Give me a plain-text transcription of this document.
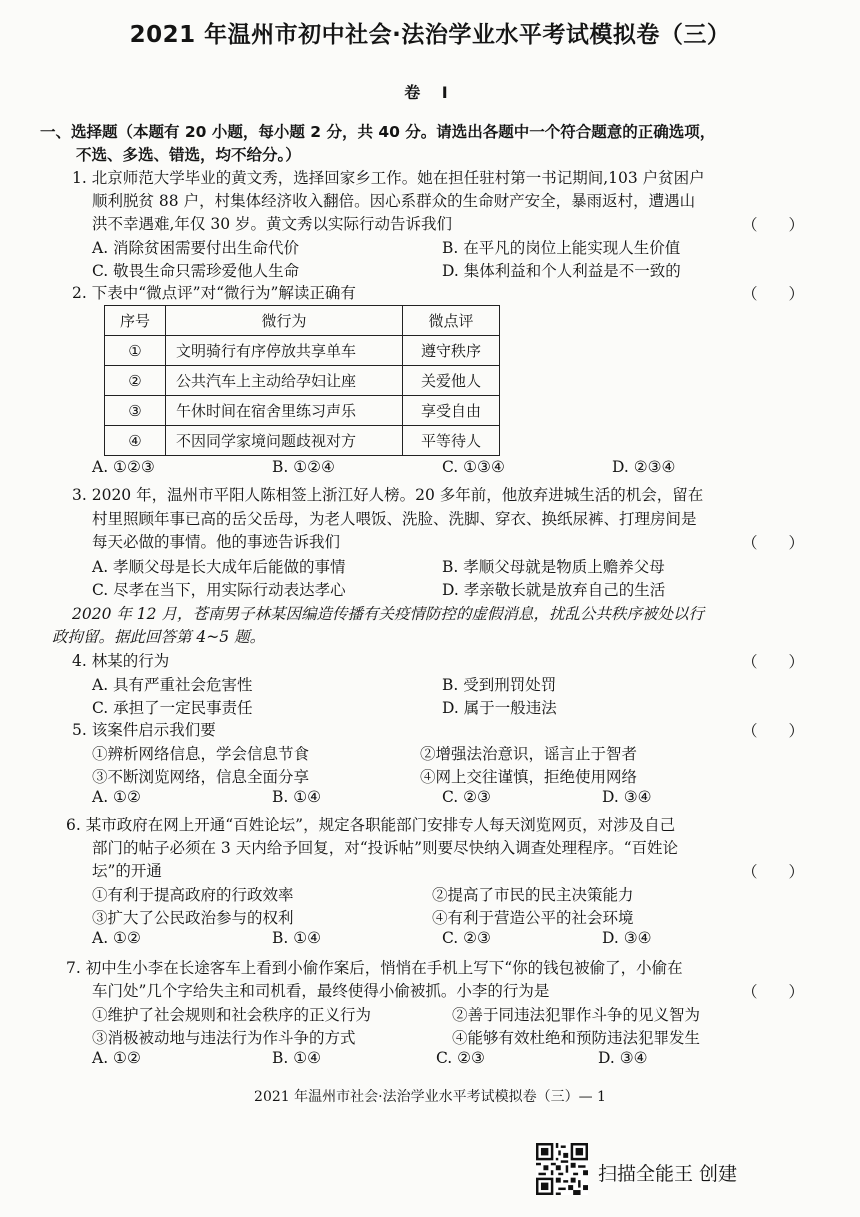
2021 年温州市初中社会·法治学业水平考试模拟卷（三）
卷 Ⅰ
一、选择题（本题有 20 小题，每小题 2 分，共 40 分。请选出各题中一个符合题意的正确选项，
不选、多选、错选，均不给分。）
1. 北京师范大学毕业的黄文秀，选择回家乡工作。她在担任驻村第一书记期间,103 户贫困户
顺利脱贫 88 户，村集体经济收入翻倍。因心系群众的生命财产安全，暴雨返村，遭遇山
洪不幸遇难,年仅 30 岁。黄文秀以实际行动告诉我们	（　　）
A. 消除贫困需要付出生命代价	B. 在平凡的岗位上能实现人生价值
C. 敬畏生命只需珍爱他人生命	D. 集体利益和个人利益是不一致的
2. 下表中“微点评”对“微行为”解读正确有	（　　）
序号	微行为	微点评
①	文明骑行有序停放共享单车	遵守秩序
②	公共汽车上主动给孕妇让座	关爱他人
③	午休时间在宿舍里练习声乐	享受自由
④	不因同学家境问题歧视对方	平等待人
A. ①②③	B. ①②④	C. ①③④	D. ②③④
3. 2020 年，温州市平阳人陈相签上浙江好人榜。20 多年前，他放弃进城生活的机会，留在
村里照顾年事已高的岳父岳母，为老人喂饭、洗脸、洗脚、穿衣、换纸尿裤、打理房间是
每天必做的事情。他的事迹告诉我们	（　　）
A. 孝顺父母是长大成年后能做的事情	B. 孝顺父母就是物质上赡养父母
C. 尽孝在当下，用实际行动表达孝心	D. 孝亲敬长就是放弃自己的生活
2020 年 12 月，苍南男子林某因编造传播有关疫情防控的虚假消息，扰乱公共秩序被处以行
政拘留。据此回答第 4~5 题。
4. 林某的行为	（　　）
A. 具有严重社会危害性	B. 受到刑罚处罚
C. 承担了一定民事责任	D. 属于一般违法
5. 该案件启示我们要	（　　）
①辨析网络信息，学会信息节食	②增强法治意识，谣言止于智者
③不断浏览网络，信息全面分享	④网上交往谨慎，拒绝使用网络
A. ①②	B. ①④	C. ②③	D. ③④
6. 某市政府在网上开通“百姓论坛”，规定各职能部门安排专人每天浏览网页，对涉及自己
部门的帖子必须在 3 天内给予回复，对“投诉帖”则要尽快纳入调查处理程序。“百姓论
坛”的开通	（　　）
①有利于提高政府的行政效率	②提高了市民的民主决策能力
③扩大了公民政治参与的权利	④有利于营造公平的社会环境
A. ①②	B. ①④	C. ②③	D. ③④
7. 初中生小李在长途客车上看到小偷作案后，悄悄在手机上写下“你的钱包被偷了，小偷在
车门处”几个字给失主和司机看，最终使得小偷被抓。小李的行为是	（　　）
①维护了社会规则和社会秩序的正义行为	②善于同违法犯罪作斗争的见义智为
③消极被动地与违法行为作斗争的方式	④能够有效杜绝和预防违法犯罪发生
A. ①②	B. ①④	C. ②③	D. ③④
2021 年温州市社会·法治学业水平考试模拟卷（三）— 1
扫描全能王 创建
